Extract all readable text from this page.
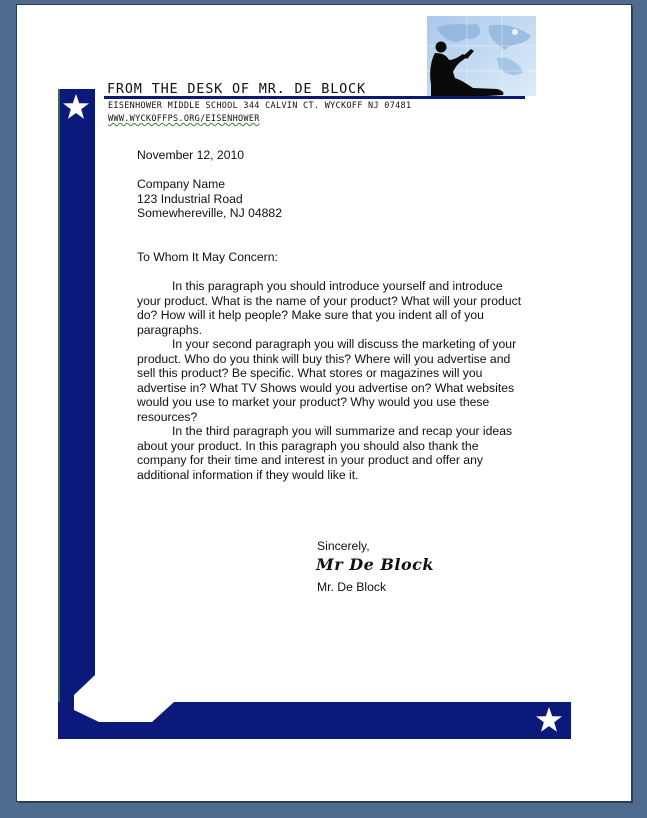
FROM THE DESK OF MR. DE BLOCK
EISENHOWER MIDDLE SCHOOL 344 CALVIN CT. WYCKOFF NJ 07481
WWW.WYCKOFFPS.ORG/EISENHOWER
November 12, 2010
Company Name
123 Industrial Road
Somewhereville, NJ 04882
To Whom It May Concern:

In this paragraph you should introduce yourself and introduce your product. What is the name of your product? What will your product do? How will it help people? Make sure that you indent all of you paragraphs.

In your second paragraph you will discuss the marketing of your product. Who do you think will buy this? Where will you advertise and sell this product? Be specific. What stores or magazines will you advertise in? What TV Shows would you advertise on? What websites would you use to market your product? Why would you use these resources?

In the third paragraph you will summarize and recap your ideas about your product. In this paragraph you should also thank the company for their time and interest in your product and offer any additional information if they would like it.

Sincerely,
Mr De Block
Mr. De Block
